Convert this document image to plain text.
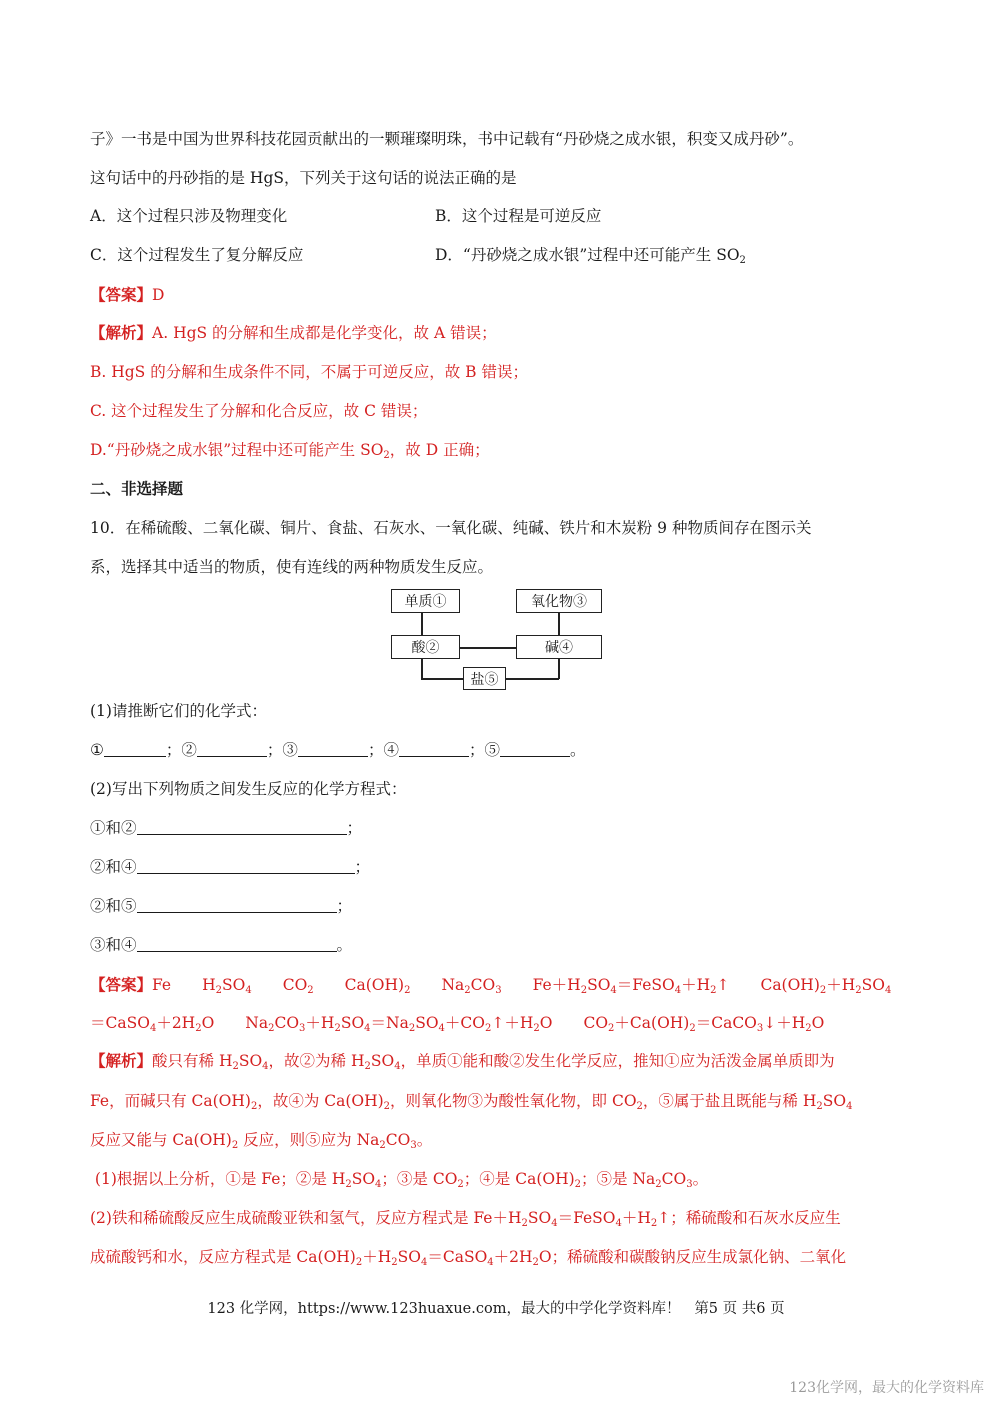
子》一书是中国为世界科技花园贡献出的一颗璀璨明珠，书中记载有“丹砂烧之成水银，积变又成丹砂”。
这句话中的丹砂指的是 HgS，下列关于这句话的说法正确的是
A．这个过程只涉及物理变化	B．这个过程是可逆反应
C．这个过程发生了复分解反应	D．“丹砂烧之成水银”过程中还可能产生 $SO_2$
【答案】D
【解析】A. HgS 的分解和生成都是化学变化，故 A 错误；
B. HgS 的分解和生成条件不同，不属于可逆反应，故 B 错误；
C. 这个过程发生了分解和化合反应，故 C 错误；
D.“丹砂烧之成水银”过程中还可能产生 $SO_2$，故 D 正确；
二、非选择题
10．在稀硫酸、二氧化碳、铜片、食盐、石灰水、一氧化碳、纯碱、铁片和木炭粉 9 种物质间存在图示关
系，选择其中适当的物质，使有连线的两种物质发生反应。
单质①	氧化物③
酸②	碱④
盐⑤
(1)请推断它们的化学式：
①	；②	；③	；④	；⑤	。
(2)写出下列物质之间发生反应的化学方程式：
①和②	；
②和④	；
②和⑤	；
③和④	。
【答案】Fe  $H_2SO_4$  $CO_2$  $Ca(OH)_2$  $Na_2CO_3$  $Fe+H_2SO_4=FeSO_4+H_2↑$  $Ca(OH)_2+H_2SO_4$
$=CaSO_4+2H_2O$  $Na_2CO_3+H_2SO_4=Na_2SO_4+CO_2↑+H_2O$  $CO_2+Ca(OH)_2=CaCO_3↓+H_2O$
【解析】酸只有稀 $H_2SO_4$，故②为稀 $H_2SO_4$，单质①能和酸②发生化学反应，推知①应为活泼金属单质即为
Fe，而碱只有 $Ca(OH)_2$，故④为 $Ca(OH)_2$，则氧化物③为酸性氧化物，即 $CO_2$，⑤属于盐且既能与稀 $H_2SO_4$
反应又能与 $Ca(OH)_2$ 反应，则⑤应为 $Na_2CO_3$。
(1)根据以上分析，①是 Fe；②是 $H_2SO_4$；③是 $CO_2$；④是 $Ca(OH)_2$；⑤是 $Na_2CO_3$。
(2)铁和稀硫酸反应生成硫酸亚铁和氢气，反应方程式是 $Fe+H_2SO_4=FeSO_4+H_2↑$；稀硫酸和石灰水反应生
成硫酸钙和水，反应方程式是 $Ca(OH)_2+H_2SO_4=CaSO_4+2H_2O$；稀硫酸和碳酸钠反应生成氯化钠、二氧化
123 化学网，https://www.123huaxue.com，最大的中学化学资料库！ 第5 页 共6 页
123化学网，最大的化学资料库
